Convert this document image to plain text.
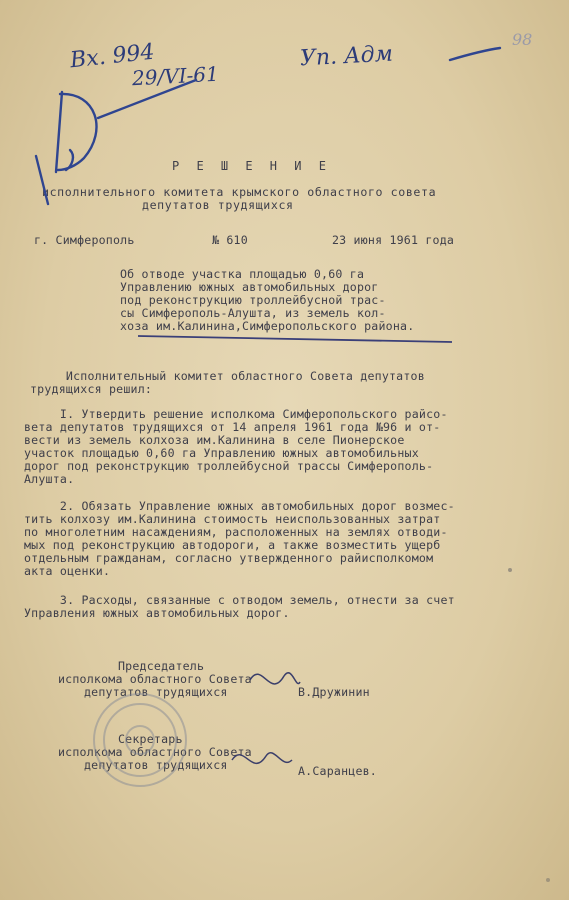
Вх. 994
29/VI-61
Уп. Адм
98
Р Е Ш Е Н И Е
исполнительного комитета крымского областного совета
депутатов трудящихся
г. Симферополь	№ 610	23 июня 1961 года
Об отводе участка площадью 0,60 га
Управлению южных автомобильных дорог
под реконструкцию троллейбусной трас-
сы Симферополь-Алушта, из земель кол-
хоза им.Калинина,Симферопольского района.
Исполнительный комитет областного Совета депутатов
трудящихся решил:
I. Утвердить решение исполкома Симферопольского райсо-
вета депутатов трудящихся от 14 апреля 1961 года №96 и от-
вести из земель колхоза им.Калинина в селе Пионерское
участок площадью 0,60 га Управлению южных автомобильных
дорог под реконструкцию троллейбусной трассы Симферополь-
Алушта.
2. Обязать Управление южных автомобильных дорог возмес-
тить колхозу им.Калинина стоимость неиспользованных затрат
по многолетним насаждениям, расположенных на землях отводи-
мых под реконструкцию автодороги, а также возместить ущерб
отдельным гражданам, согласно утвержденного райисполкомом
акта оценки.
3. Расходы, связанные с отводом земель, отнести за счет
Управления южных автомобильных дорог.
Председатель
исполкома областного Совета
депутатов трудящихся	В.Дружинин
Секретарь
исполкома областного Совета
депутатов трудящихся	А.Саранцев.
